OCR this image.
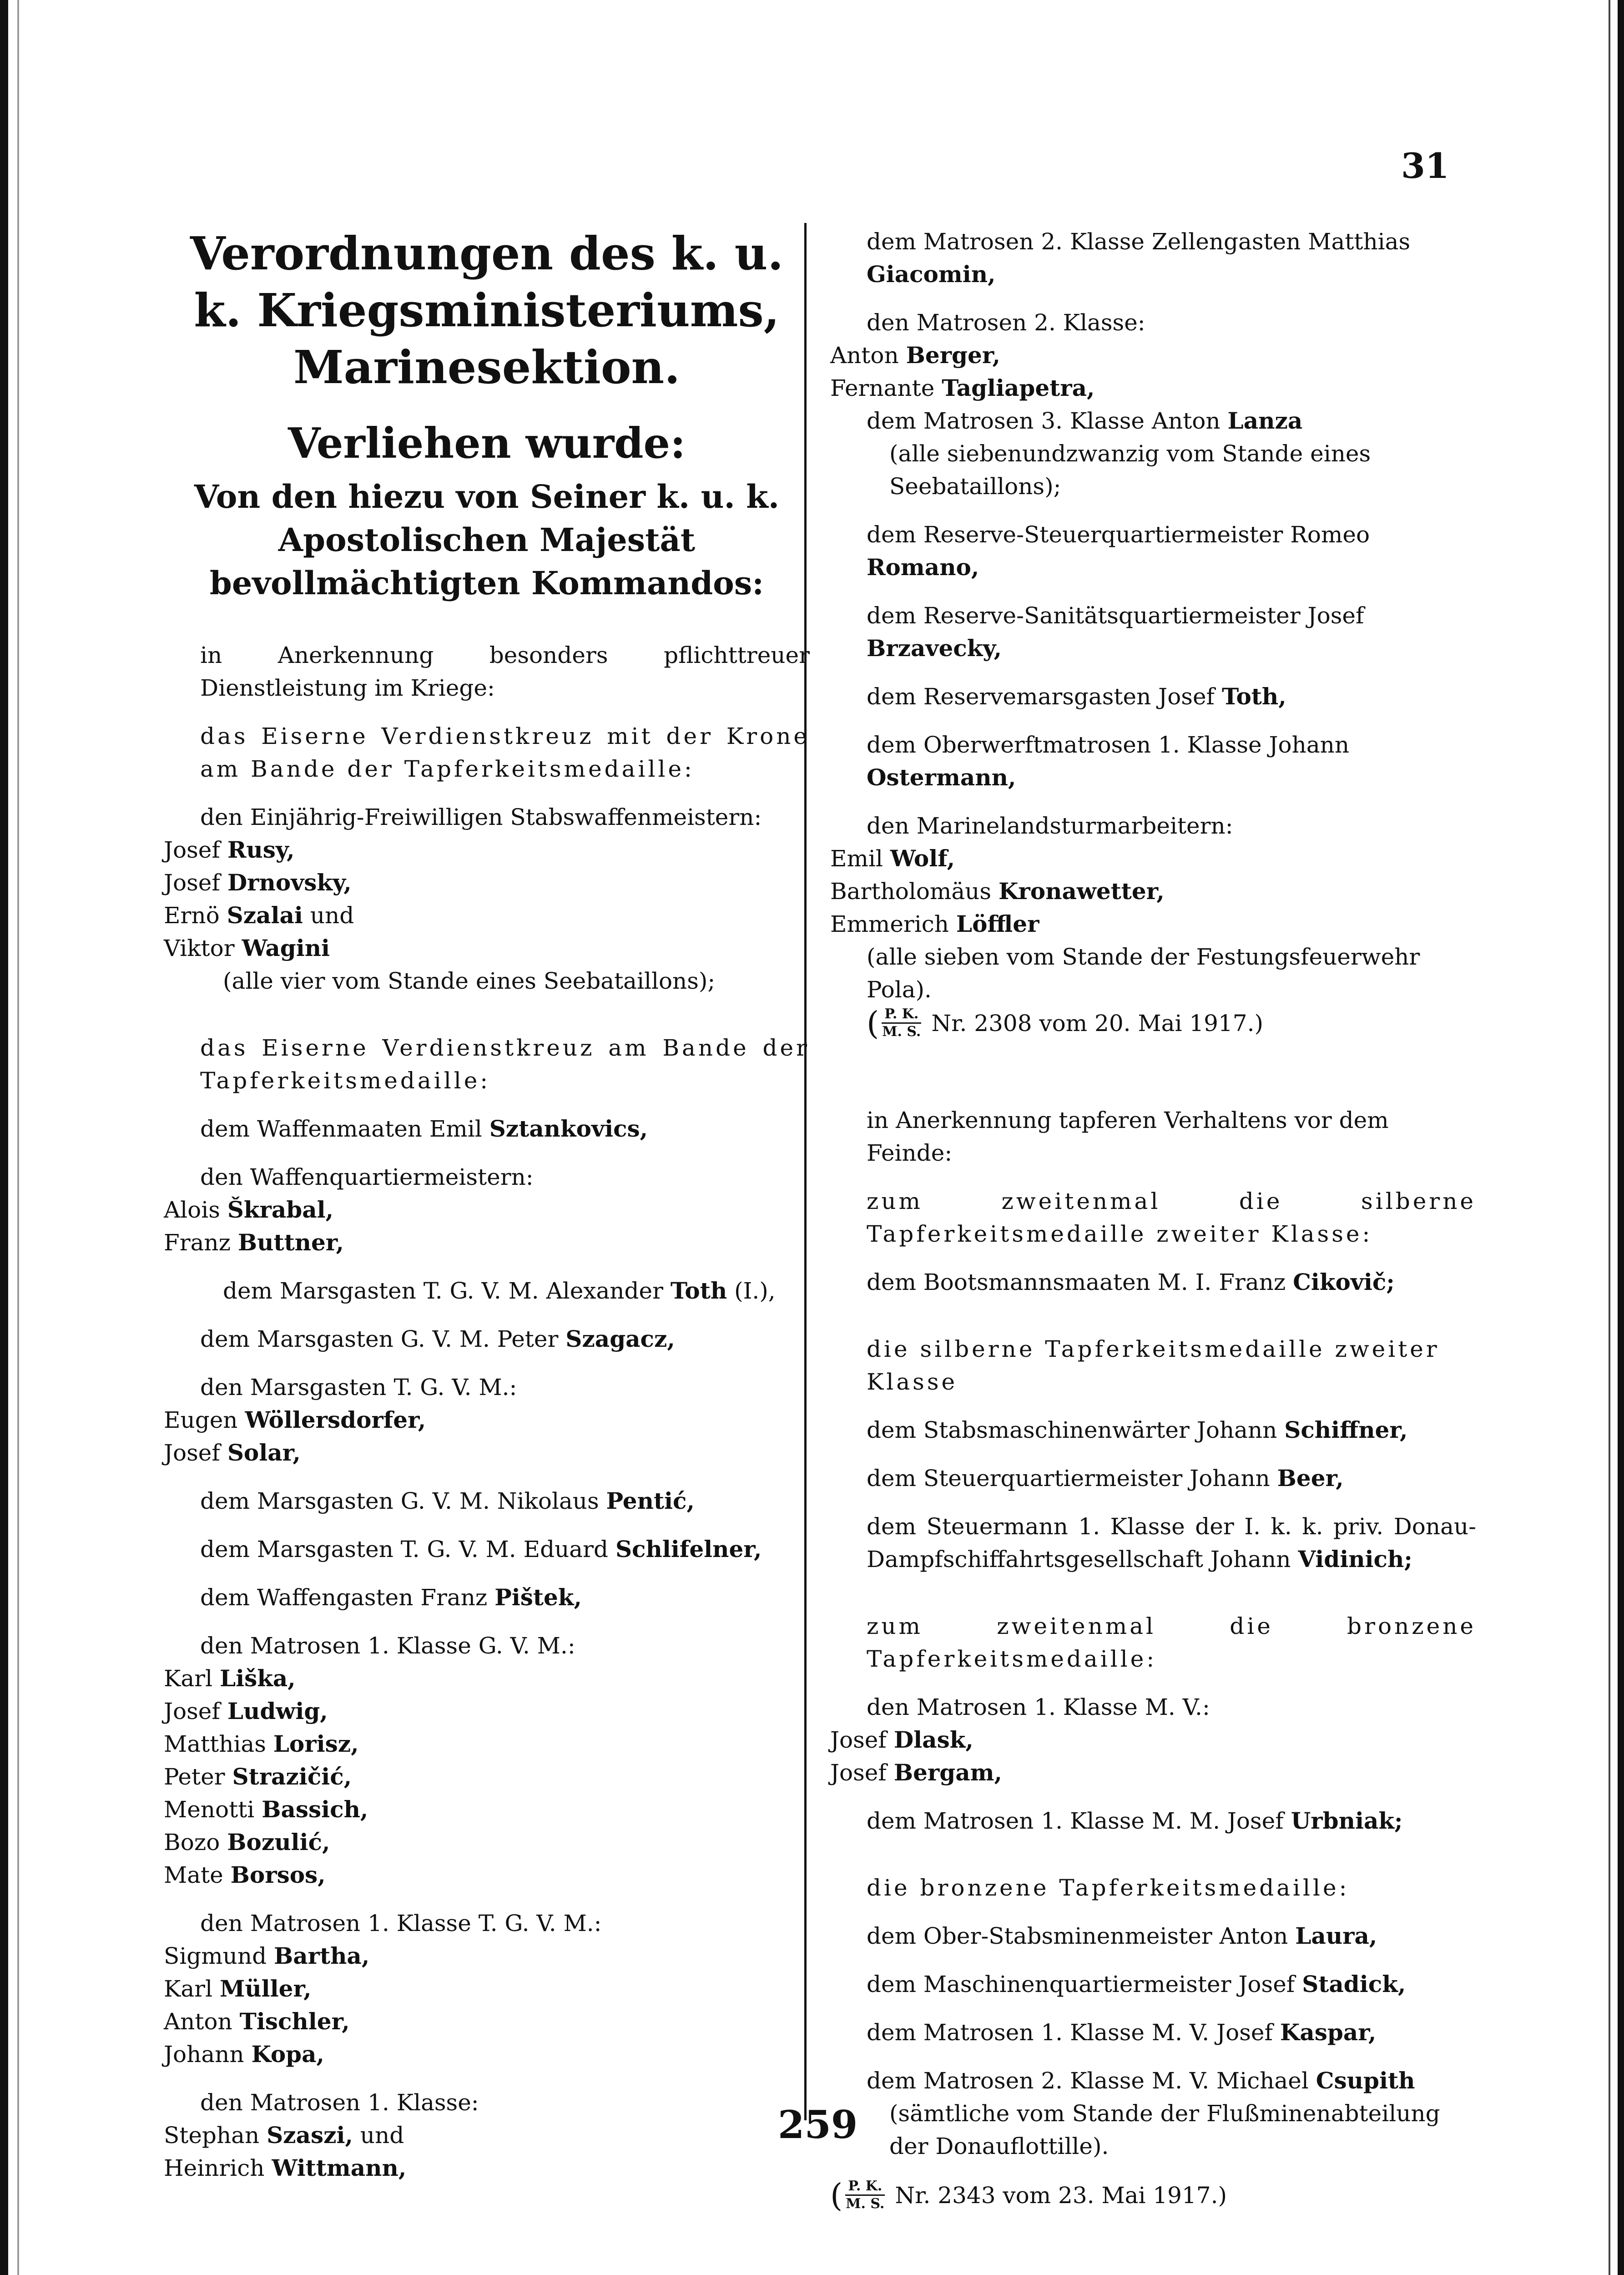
31

Verordnungen des k. u. k. Kriegsministeriums, Marinesektion.

Verliehen wurde:

Von den hiezu von Seiner k. u. k. Apostolischen Majestät bevollmächtigten Kommandos:

in Anerkennung besonders pflichttreuer Dienstleistung im Kriege:

das Eiserne Verdienstkreuz mit der Krone am Bande der Tapferkeitsmedaille:

den Einjährig-Freiwilligen Stabswaffenmeistern:

Josef Rusy,

Josef Drnovsky,

Ernö Szalai und

Viktor Wagini

(alle vier vom Stande eines Seebataillons);

das Eiserne Verdienstkreuz am Bande der Tapferkeitsmedaille:

dem Waffenmaaten Emil Sztankovics,

den Waffenquartiermeistern:

Alois Škrabal,

Franz Buttner,

dem Marsgasten T. G. V. M. Alexander Toth (I.),

dem Marsgasten G. V. M. Peter Szagacz,

den Marsgasten T. G. V. M.:

Eugen Wöllersdorfer,

Josef Solar,

dem Marsgasten G. V. M. Nikolaus Pentić,

dem Marsgasten T. G. V. M. Eduard Schlifelner,

dem Waffengasten Franz Pištek,

den Matrosen 1. Klasse G. V. M.:

Karl Liška,

Josef Ludwig,

Matthias Lorisz,

Peter Strazičić,

Menotti Bassich,

Bozo Bozulić,

Mate Borsos,

den Matrosen 1. Klasse T. G. V. M.:

Sigmund Bartha,

Karl Müller,

Anton Tischler,

Johann Kopa,

den Matrosen 1. Klasse:

Stephan Szaszi, und

Heinrich Wittmann,

dem Matrosen 2. Klasse Zellengasten Matthias Giacomin,

den Matrosen 2. Klasse:

Anton Berger,

Fernante Tagliapetra,

dem Matrosen 3. Klasse Anton Lanza

(alle siebenundzwanzig vom Stande eines Seebataillons);

dem Reserve-Steuerquartiermeister Romeo Romano,

dem Reserve-Sanitätsquartiermeister Josef Brzavecky,

dem Reservemarsgasten Josef Toth,

dem Oberwerftmatrosen 1. Klasse Johann Ostermann,

den Marinelandsturmarbeitern:

Emil Wolf,

Bartholomäus Kronawetter,

Emmerich Löffler

(alle sieben vom Stande der Festungsfeuerwehr Pola).

( $\frac{P. K.}{M. S.} Nr$. 2308 vom 20. Mai 1917.)

in Anerkennung tapferen Verhaltens vor dem Feinde:

zum zweitenmal die silberne Tapferkeitsmedaille zweiter Klasse:

dem Bootsmannsmaaten M. I. Franz Cikovič;

die silberne Tapferkeitsmedaille zweiter Klasse

dem Stabsmaschinenwärter Johann Schiffner,

dem Steuerquartiermeister Johann Beer,

dem Steuermann 1. Klasse der I. k. k. priv. Donau-Dampfschiffahrtsgesellschaft Johann Vidinich;

zum zweitenmal die bronzene Tapferkeitsmedaille:

den Matrosen 1. Klasse M. V.:

Josef Dlask,

Josef Bergam,

dem Matrosen 1. Klasse M. M. Josef Urbniak;

die bronzene Tapferkeitsmedaille:

dem Ober-Stabsminenmeister Anton Laura,

dem Maschinenquartiermeister Josef Stadick,

dem Matrosen 1. Klasse M. V. Josef Kaspar,

dem Matrosen 2. Klasse M. V. Michael Csupith

(sämtliche vom Stande der Flußminenabteilung der Donauflottille).

( $\frac{P. K.}{M. S.} Nr$. 2343 vom 23. Mai 1917.)

259
